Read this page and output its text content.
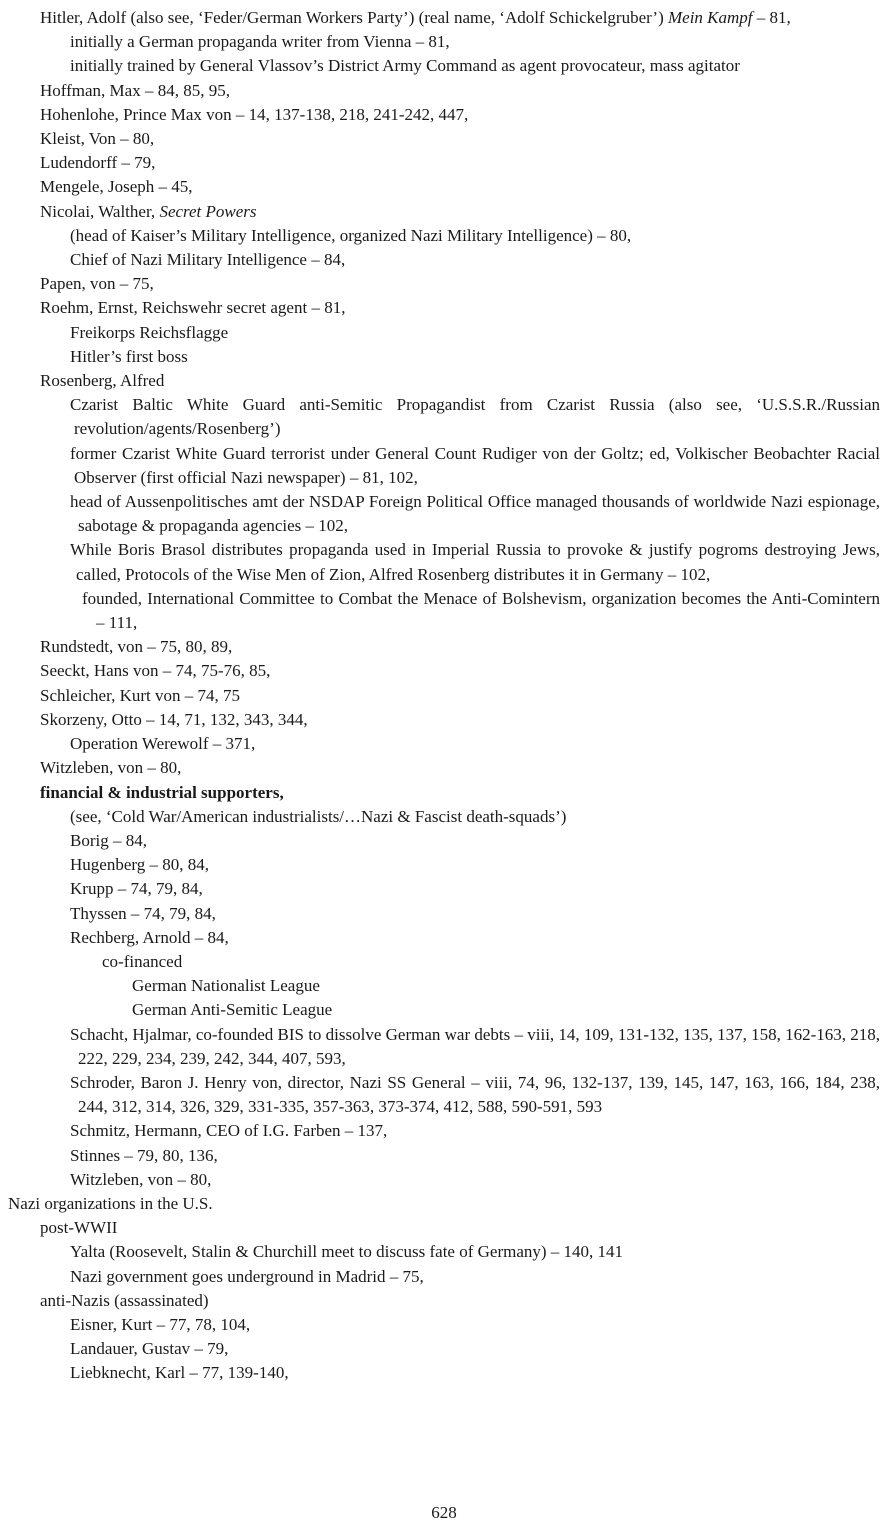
Hitler, Adolf (also see, ‘Feder/German Workers Party’) (real name, ‘Adolf Schickelgruber’) Mein Kampf – 81,
initially a German propaganda writer from Vienna – 81,
initially trained by General Vlassov’s District Army Command as agent provocateur, mass agitator
Hoffman, Max – 84, 85, 95,
Hohenlohe, Prince Max von – 14, 137-138, 218, 241-242, 447,
Kleist, Von – 80,
Ludendorff – 79,
Mengele, Joseph – 45,
Nicolai, Walther, Secret Powers
(head of Kaiser’s Military Intelligence, organized Nazi Military Intelligence) – 80,
Chief of Nazi Military Intelligence – 84,
Papen, von – 75,
Roehm, Ernst, Reichswehr secret agent – 81,
Freikorps Reichsflagge
Hitler’s first boss
Rosenberg, Alfred
Czarist Baltic White Guard anti-Semitic Propagandist from Czarist Russia (also see, ‘U.S.S.R./Russian revolution/agents/Rosenberg’)
former Czarist White Guard terrorist under General Count Rudiger von der Goltz; ed, Volkischer Beobachter Racial Observer (first official Nazi newspaper) – 81, 102,
head of Aussenpolitisches amt der NSDAP Foreign Political Office managed thousands of worldwide Nazi espionage, sabotage & propaganda agencies – 102,
While Boris Brasol distributes propaganda used in Imperial Russia to provoke & justify pogroms destroying Jews, called, Protocols of the Wise Men of Zion, Alfred Rosenberg distributes it in Germany – 102,
founded, International Committee to Combat the Menace of Bolshevism, organization becomes the Anti-Comintern – 111,
Rundstedt, von – 75, 80, 89,
Seeckt, Hans von – 74, 75-76, 85,
Schleicher, Kurt von – 74, 75
Skorzeny, Otto – 14, 71, 132, 343, 344,
Operation Werewolf – 371,
Witzleben, von – 80,
financial & industrial supporters,
(see, ‘Cold War/American industrialists/…Nazi & Fascist death-squads’)
Borig – 84,
Hugenberg – 80, 84,
Krupp – 74, 79, 84,
Thyssen – 74, 79, 84,
Rechberg, Arnold – 84,
co-financed
German Nationalist League
German Anti-Semitic League
Schacht, Hjalmar, co-founded BIS to dissolve German war debts – viii, 14, 109, 131-132, 135, 137, 158, 162-163, 218, 222, 229, 234, 239, 242, 344, 407, 593,
Schroder, Baron J. Henry von, director, Nazi SS General – viii, 74, 96, 132-137, 139, 145, 147, 163, 166, 184, 238, 244, 312, 314, 326, 329, 331-335, 357-363, 373-374, 412, 588, 590-591, 593
Schmitz, Hermann, CEO of I.G. Farben – 137,
Stinnes – 79, 80, 136,
Witzleben, von – 80,
Nazi organizations in the U.S.
post-WWII
Yalta (Roosevelt, Stalin & Churchill meet to discuss fate of Germany) – 140, 141
Nazi government goes underground in Madrid – 75,
anti-Nazis (assassinated)
Eisner, Kurt – 77, 78, 104,
Landauer, Gustav – 79,
Liebknecht, Karl – 77, 139-140,
628
